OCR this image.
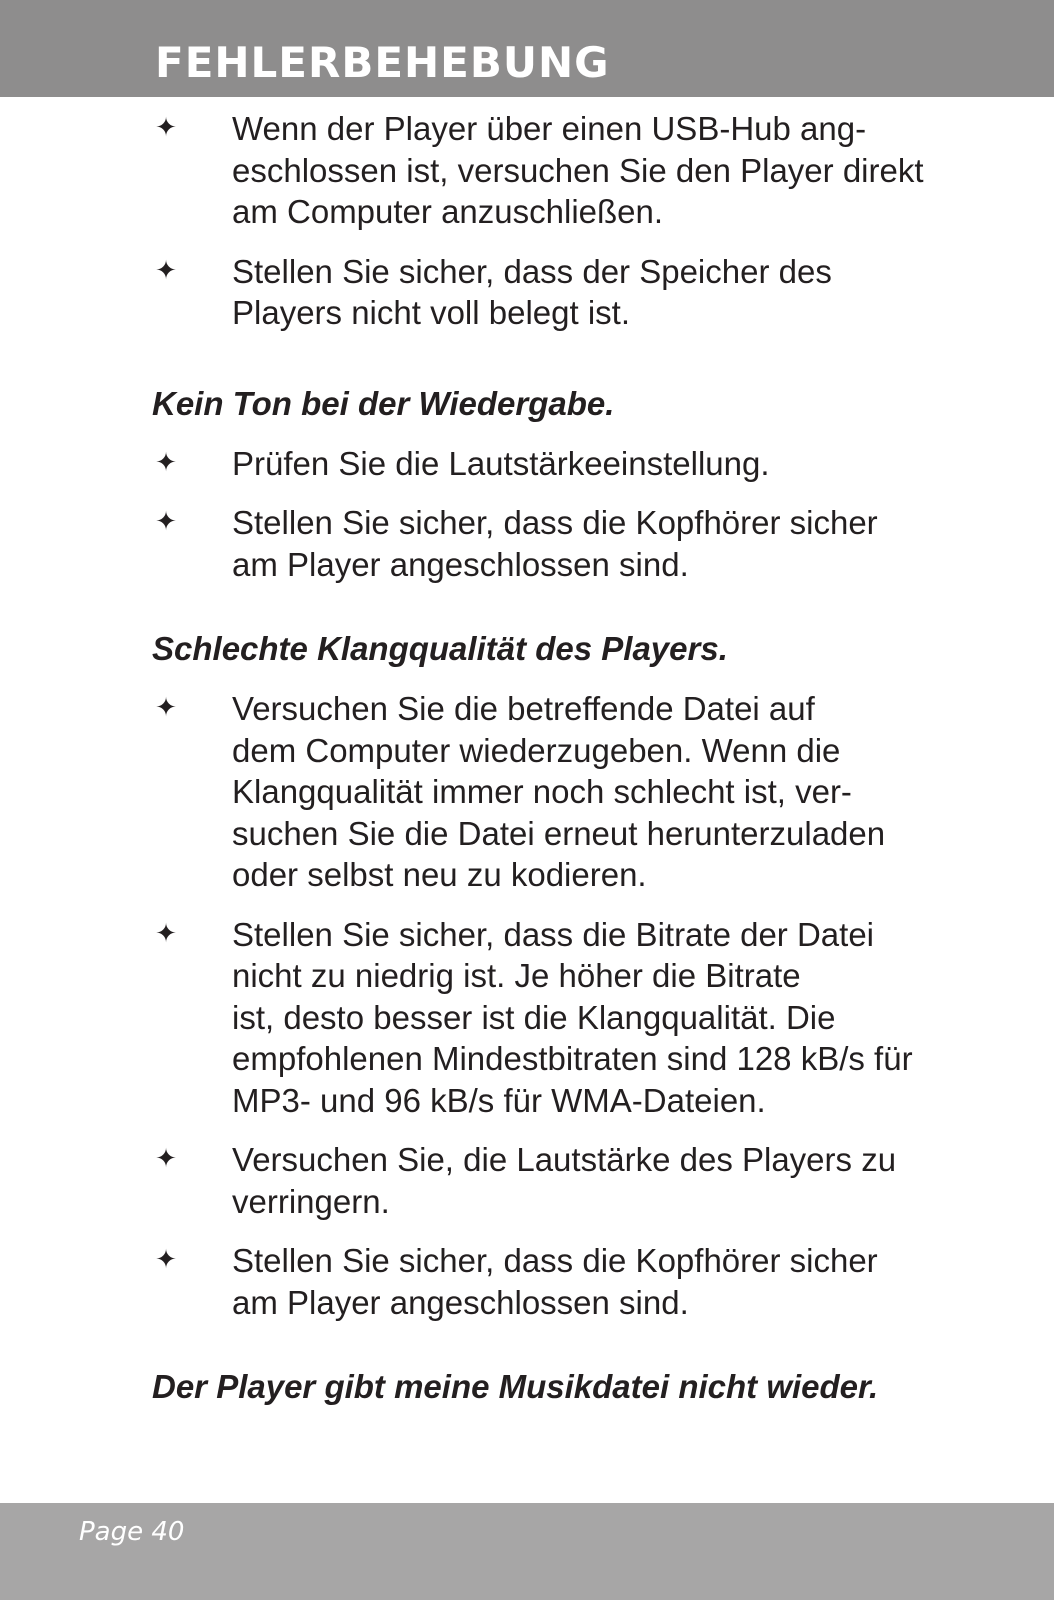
FEHLERBEHEBUNG
✦ Wenn der Player über einen USB-Hub ang-
eschlossen ist, versuchen Sie den Player direkt
am Computer anzuschließen.
✦ Stellen Sie sicher, dass der Speicher des
Players nicht voll belegt ist.
Kein Ton bei der Wiedergabe.
✦ Prüfen Sie die Lautstärkeeinstellung.
✦ Stellen Sie sicher, dass die Kopfhörer sicher
am Player angeschlossen sind.
Schlechte Klangqualität des Players.
✦ Versuchen Sie die betreffende Datei auf
dem Computer wiederzugeben. Wenn die
Klangqualität immer noch schlecht ist, ver-
suchen Sie die Datei erneut herunterzuladen
oder selbst neu zu kodieren.
✦ Stellen Sie sicher, dass die Bitrate der Datei
nicht zu niedrig ist. Je höher die Bitrate
ist, desto besser ist die Klangqualität. Die
empfohlenen Mindestbitraten sind 128 kB/s für
MP3- und 96 kB/s für WMA-Dateien.
✦ Versuchen Sie, die Lautstärke des Players zu
verringern.
✦ Stellen Sie sicher, dass die Kopfhörer sicher
am Player angeschlossen sind.
Der Player gibt meine Musikdatei nicht wieder.
Page 40
